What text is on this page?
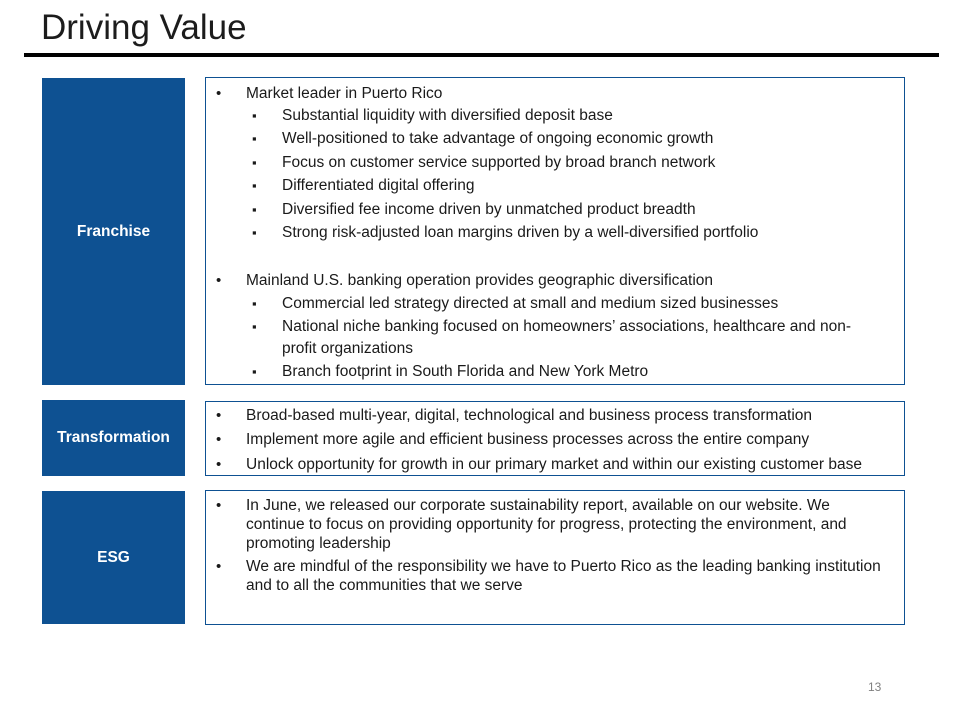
Driving Value
Franchise
• Market leader in Puerto Rico
▪ Substantial liquidity with diversified deposit base
▪ Well-positioned to take advantage of ongoing economic growth
▪ Focus on customer service supported by broad branch network
▪ Differentiated digital offering
▪ Diversified fee income driven by unmatched product breadth
▪ Strong risk-adjusted loan margins driven by a well-diversified portfolio
• Mainland U.S. banking operation provides geographic diversification
▪ Commercial led strategy directed at small and medium sized businesses
▪ National niche banking focused on homeowners’ associations, healthcare and non-profit organizations
▪ Branch footprint in South Florida and New York Metro
Transformation
• Broad-based multi-year, digital, technological and business process transformation
• Implement more agile and efficient business processes across the entire company
• Unlock opportunity for growth in our primary market and within our existing customer base
ESG
• In June, we released our corporate sustainability report, available on our website. We continue to focus on providing opportunity for progress, protecting the environment, and promoting leadership
• We are mindful of the responsibility we have to Puerto Rico as the leading banking institution and to all the communities that we serve
13
